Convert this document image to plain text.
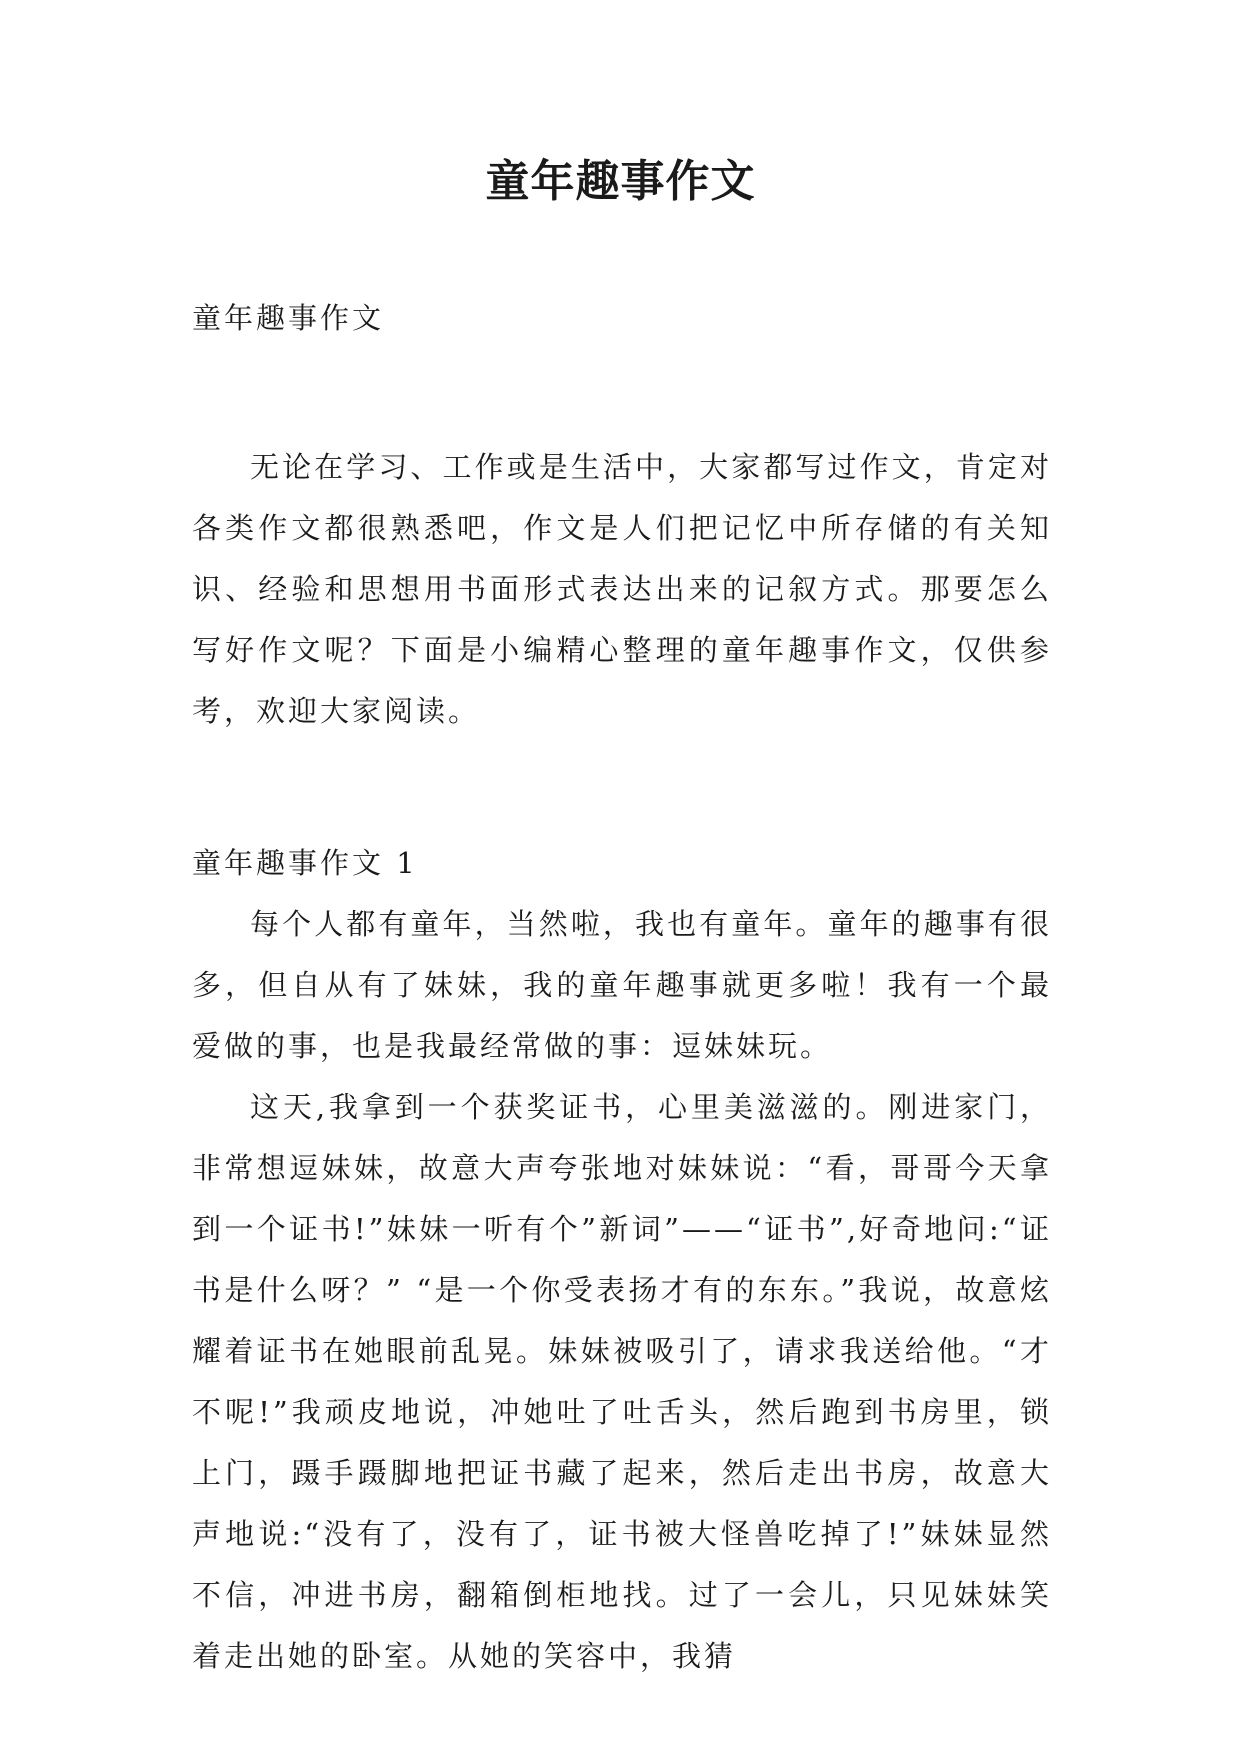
童年趣事作文

童年趣事作文

无论在学习、工作或是生活中，大家都写过作文，肯定对各类作文都很熟悉吧，作文是人们把记忆中所存储的有关知识、经验和思想用书面形式表达出来的记叙方式。那要怎么写好作文呢？下面是小编精心整理的童年趣事作文，仅供参考，欢迎大家阅读。

童年趣事作文 1

每个人都有童年，当然啦，我也有童年。童年的趣事有很多，但自从有了妹妹，我的童年趣事就更多啦！我有一个最爱做的事，也是我最经常做的事：逗妹妹玩。

这天,我拿到一个获奖证书，心里美滋滋的。刚进家门，非常想逗妹妹，故意大声夸张地对妹妹说：“看，哥哥今天拿到一个证书!”妹妹一听有个”新词”——“证书”,好奇地问:“证书是什么呀？” “是一个你受表扬才有的东东。”我说，故意炫耀着证书在她眼前乱晃。妹妹被吸引了，请求我送给他。“才不呢!”我顽皮地说，冲她吐了吐舌头，然后跑到书房里，锁上门，蹑手蹑脚地把证书藏了起来，然后走出书房，故意大声地说:“没有了，没有了，证书被大怪兽吃掉了!”妹妹显然不信，冲进书房，翻箱倒柜地找。过了一会儿，只见妹妹笑着走出她的卧室。从她的笑容中，我猜
